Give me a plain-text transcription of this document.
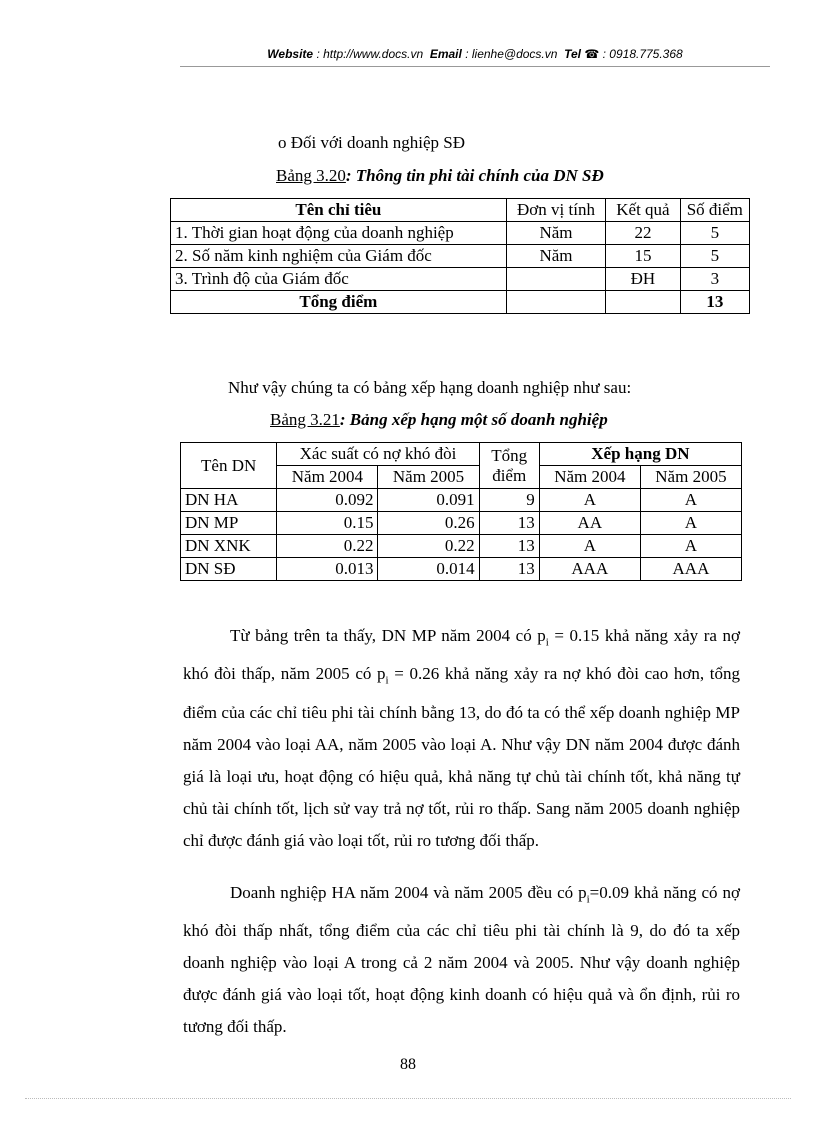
Website : http://www.docs.vn Email : lienhe@docs.vn Tel ☎ : 0918.775.368
o Đối với doanh nghiệp SĐ
Bảng 3.20: Thông tin phi tài chính của DN SĐ
Tên chỉ tiêu	Đơn vị tính	Kết quả	Số điểm
1. Thời gian hoạt động của doanh nghiệp	Năm	22	5
2. Số năm kinh nghiệm của Giám đốc	Năm	15	5
3. Trình độ của Giám đốc		ĐH	3
Tổng điểm			13
Như vậy chúng ta có bảng xếp hạng doanh nghiệp như sau:
Bảng 3.21: Bảng xếp hạng một số doanh nghiệp
Tên DN	Xác suất có nợ khó đòi		Tổng điểm	Xếp hạng DN	
	Năm 2004	Năm 2005		Năm 2004	Năm 2005
DN HA	0.092	0.091	9	A	A
DN MP	0.15	0.26	13	AA	A
DN XNK	0.22	0.22	13	A	A
DN SĐ	0.013	0.014	13	AAA	AAA
Từ bảng trên ta thấy, DN MP năm 2004 có $p_i = 0.15$ khả năng xảy ra nợ khó đòi thấp, năm 2005 có $p_i = 0.26$ khả năng xảy ra nợ khó đòi cao hơn, tổng điểm của các chỉ tiêu phi tài chính bằng 13, do đó ta có thể xếp doanh nghiệp MP năm 2004 vào loại AA, năm 2005 vào loại A. Như vậy DN năm 2004 được đánh giá là loại ưu, hoạt động có hiệu quả, khả năng tự chủ tài chính tốt, khả năng tự chủ tài chính tốt, lịch sử vay trả nợ tốt, rủi ro thấp. Sang năm 2005 doanh nghiệp chỉ được đánh giá vào loại tốt, rủi ro tương đối thấp.
Doanh nghiệp HA năm 2004 và năm 2005 đều có $p_i=0.09$ khả năng có nợ khó đòi thấp nhất, tổng điểm của các chỉ tiêu phi tài chính là 9, do đó ta xếp doanh nghiệp vào loại A trong cả 2 năm 2004 và 2005. Như vậy doanh nghiệp được đánh giá vào loại tốt, hoạt động kinh doanh có hiệu quả và ổn định, rủi ro tương đối thấp.
88
